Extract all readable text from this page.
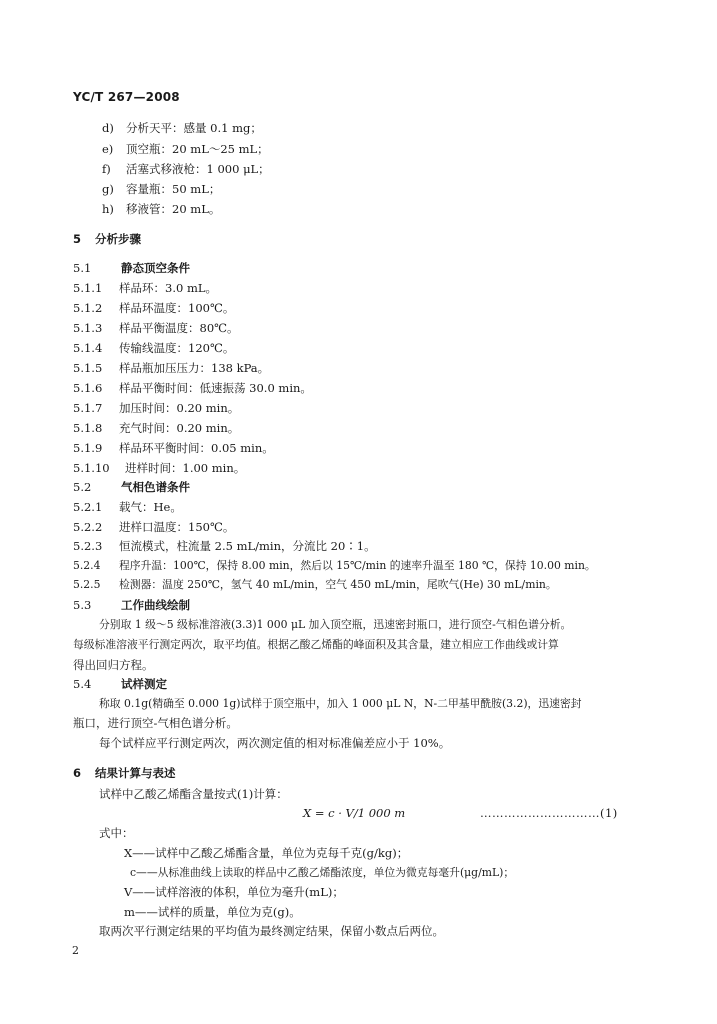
YC/T 267—2008
d) 分析天平：感量 0.1 mg；
e) 顶空瓶：20 mL～25 mL；
f) 活塞式移液枪：1 000 μL；
g) 容量瓶：50 mL；
h) 移液管：20 mL。
5 分析步骤
5.1	静态顶空条件
5.1.1 样品环：3.0 mL。
5.1.2 样品环温度：100℃。
5.1.3 样品平衡温度：80℃。
5.1.4 传输线温度：120℃。
5.1.5 样品瓶加压压力：138 kPa。
5.1.6 样品平衡时间：低速振荡 30.0 min。
5.1.7 加压时间：0.20 min。
5.1.8 充气时间：0.20 min。
5.1.9 样品环平衡时间：0.05 min。
5.1.10 进样时间：1.00 min。
5.2	气相色谱条件
5.2.1 载气：He。
5.2.2 进样口温度：150℃。
5.2.3 恒流模式，柱流量 2.5 mL/min，分流比 20∶1。
5.2.4 程序升温：100℃，保持 8.00 min，然后以 15℃/min 的速率升温至 180 ℃，保持 10.00 min。
5.2.5 检测器：温度 250℃，氢气 40 mL/min，空气 450 mL/min，尾吹气(He) 30 mL/min。
5.3	工作曲线绘制
分别取 1 级～5 级标准溶液(3.3)1 000 μL 加入顶空瓶，迅速密封瓶口，进行顶空-气相色谱分析。
每级标准溶液平行测定两次，取平均值。根据乙酸乙烯酯的峰面积及其含量，建立相应工作曲线或计算
得出回归方程。
5.4	试样测定
称取 0.1g(精确至 0.000 1g)试样于顶空瓶中，加入 1 000 μL N，N-二甲基甲酰胺(3.2)，迅速密封
瓶口，进行顶空-气相色谱分析。
每个试样应平行测定两次，两次测定值的相对标准偏差应小于 10%。
6 结果计算与表述
试样中乙酸乙烯酯含量按式(1)计算：
X = c · V/1 000 m	…………………………(1)
式中：
X——试样中乙酸乙烯酯含量，单位为克每千克(g/kg)；
c——从标准曲线上读取的样品中乙酸乙烯酯浓度，单位为微克每毫升(μg/mL)；
V——试样溶液的体积，单位为毫升(mL)；
m——试样的质量，单位为克(g)。
取两次平行测定结果的平均值为最终测定结果，保留小数点后两位。
2
